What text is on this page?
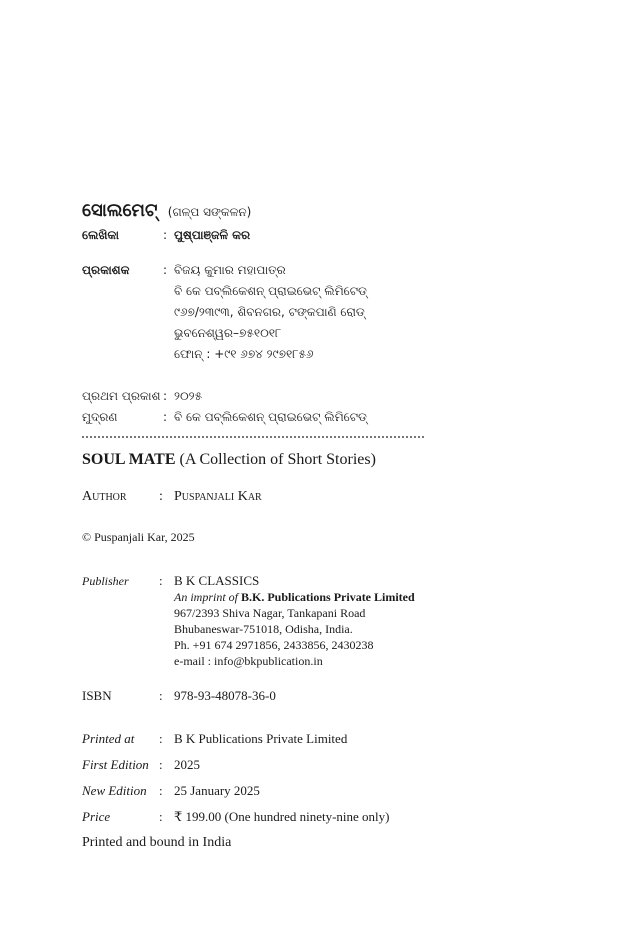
ସୋଲମେଟ୍ (ଗଳ୍ପ ସଙ୍କଳନ)
ଲେଖିକା	: ପୁଷ୍ପାଞ୍ଜଳି କର
ପ୍ରକାଶକ	: ବିଜୟ କୁମାର ମହାପାତ୍ର
ବି କେ ପବ୍ଲିକେଶନ୍ ପ୍ରାଇଭେଟ୍ ଲିମିଟେଡ୍
୯୬୭/୨୩୯୩, ଶିବନଗର, ଟଙ୍କପାଣି ରୋଡ୍
ଭୁବନେଶ୍ୱର–୭୫୧୦୧୮
ଫୋନ୍ : +୯୧ ୬୭୪ ୨୯୭୧୮୫୬
ପ୍ରଥମ ପ୍ରକାଶ : ୨୦୨୫
ମୁଦ୍ରଣ	: ବି କେ ପବ୍ଲିକେଶନ୍ ପ୍ରାଇଭେଟ୍ ଲିମିଟେଡ୍
SOUL MATE (A Collection of Short Stories)
Author : Puspanjali Kar
© Puspanjali Kar, 2025
Publisher : B K CLASSICS
An imprint of B.K. Publications Private Limited
967/2393 Shiva Nagar, Tankapani Road
Bhubaneswar-751018, Odisha, India.
Ph. +91 674 2971856, 2433856, 2430238
e-mail : info@bkpublication.in
ISBN	: 978-93-48078-36-0
Printed at : B K Publications Private Limited
First Edition : 2025
New Edition : 25 January 2025
Price	: ₹ 199.00 (One hundred ninety-nine only)
Printed and bound in India
